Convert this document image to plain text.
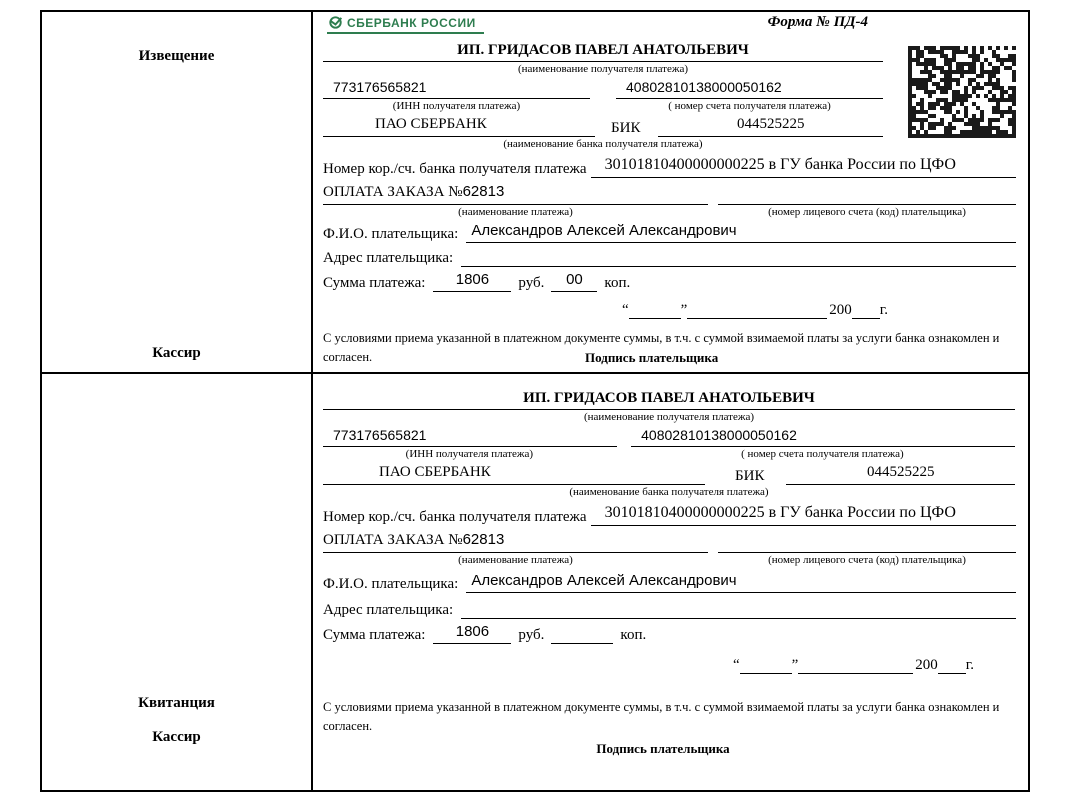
Извещение
Кассир
СБЕРБАНК РОССИИ	Форма № ПД-4
ИП. ГРИДАСОВ ПАВЕЛ АНАТОЛЬЕВИЧ
(наименование получателя платежа)
773176565821	40802810138000050162
(ИНН получателя платежа)	( номер счета получателя платежа)
ПАО СБЕРБАНК	БИК	044525225
(наименование банка получателя платежа)
Номер кор./сч. банка получателя платежа	30101810400000000225 в ГУ банка России по ЦФО
ОПЛАТА ЗАКАЗА №62813
(наименование платежа)	(номер лицевого счета (код) плательщика)
Ф.И.О. плательщика: Александров Алексей Александрович
Адрес плательщика:
Сумма платежа:	1806	руб.	00	коп.
“	”	200 г.
С условиями приема указанной в платежном документе суммы, в т.ч. с суммой взимаемой платы за услуги банка ознакомлен и согласен.	Подпись плательщика
Квитанция
Кассир
ИП. ГРИДАСОВ ПАВЕЛ АНАТОЛЬЕВИЧ
(наименование получателя платежа)
773176565821	40802810138000050162
(ИНН получателя платежа)	( номер счета получателя платежа)
ПАО СБЕРБАНК	БИК	044525225
(наименование банка получателя платежа)
Номер кор./сч. банка получателя платежа	30101810400000000225 в ГУ банка России по ЦФО
ОПЛАТА ЗАКАЗА №62813
(наименование платежа)	(номер лицевого счета (код) плательщика)
Ф.И.О. плательщика: Александров Алексей Александрович
Адрес плательщика:
Сумма платежа:	1806	руб.	коп.
“	”	200 г.
С условиями приема указанной в платежном документе суммы, в т.ч. с суммой взимаемой платы за услуги банка ознакомлен и согласен.
Подпись плательщика
